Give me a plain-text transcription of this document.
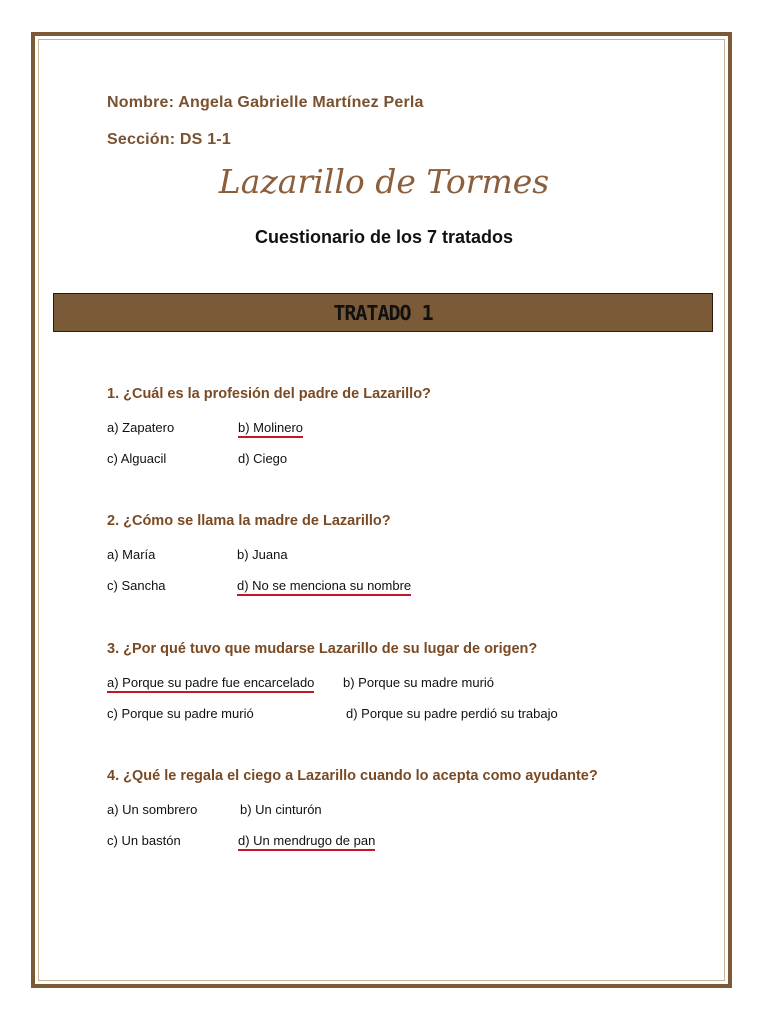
Nombre: Angela Gabrielle Martínez Perla
Sección: DS 1-1
Lazarillo de Tormes
Cuestionario de los 7 tratados
TRATADO 1
1. ¿Cuál es la profesión del padre de Lazarillo?
a) Zapatero	b) Molinero
c) Alguacil	d) Ciego
2. ¿Cómo se llama la madre de Lazarillo?
a) María	b) Juana
c) Sancha	d) No se menciona su nombre
3. ¿Por qué tuvo que mudarse Lazarillo de su lugar de origen?
a) Porque su padre fue encarcelado b) Porque su madre murió
c) Porque su padre murió	d) Porque su padre perdió su trabajo
4. ¿Qué le regala el ciego a Lazarillo cuando lo acepta como ayudante?
a) Un sombrero	b) Un cinturón
c) Un bastón	d) Un mendrugo de pan
